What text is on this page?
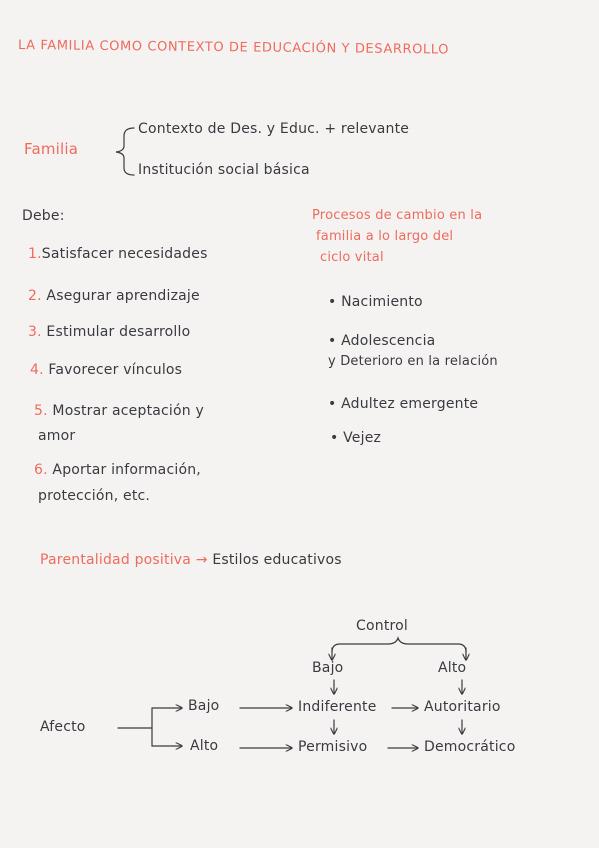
LA FAMILIA COMO CONTEXTO DE EDUCACIÓN Y DESARROLLO
Familia
Contexto de Des. y Educ. + relevante
Institución social básica
Debe:
1.Satisfacer necesidades
2. Asegurar aprendizaje
3. Estimular desarrollo
4. Favorecer vínculos
5. Mostrar aceptación y
amor
6. Aportar información,
protección, etc.
Procesos de cambio en la
familia a lo largo del
ciclo vital
• Nacimiento
• Adolescencia
y Deterioro en la relación
• Adultez emergente
• Vejez
Parentalidad positiva → Estilos educativos
Control
Bajo	Alto
Afecto
Bajo
Alto
Indiferente	Autoritario
Permisivo	Democrático
